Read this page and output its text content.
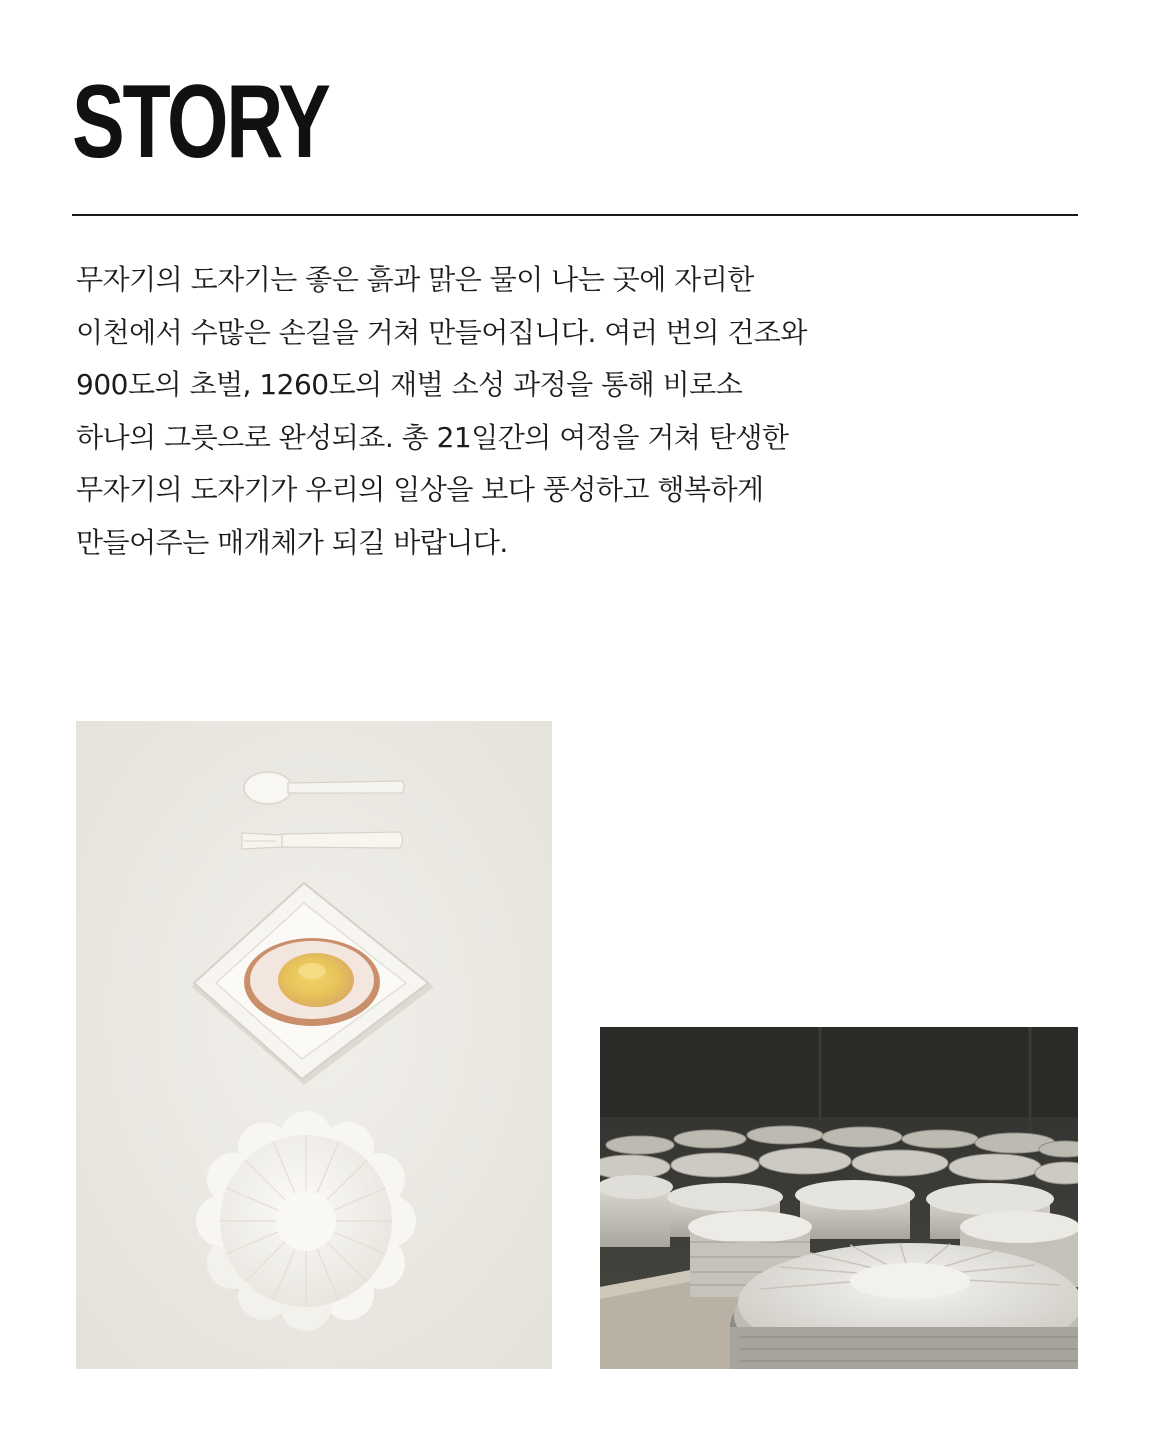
STORY

무자기의 도자기는 좋은 흙과 맑은 물이 나는 곳에 자리한
이천에서 수많은 손길을 거쳐 만들어집니다. 여러 번의 건조와
900도의 초벌, 1260도의 재벌 소성 과정을 통해 비로소
하나의 그릇으로 완성되죠. 총 21일간의 여정을 거쳐 탄생한
무자기의 도자기가 우리의 일상을 보다 풍성하고 행복하게
만들어주는 매개체가 되길 바랍니다.
